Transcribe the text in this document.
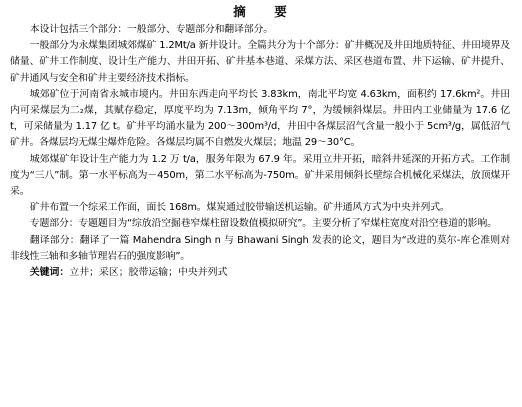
摘　要

本设计包括三个部分：一般部分、专题部分和翻译部分。

一般部分为永煤集团城郊煤矿 1.2Mt/a 新井设计。全篇共分为十个部分：矿井概况及井田地质特征、井田境界及储量、矿井工作制度、设计生产能力、井田开拓、矿井基本巷道、采煤方法、采区巷道布置、井下运输、矿井提升、矿井通风与安全和矿井主要经济技术指标。

城郊矿位于河南省永城市境内。井田东西走向平均长 3.83km，南北平均宽 4.63km，面积约 17.6km²。井田内可采煤层为二₂煤，其赋存稳定，厚度平均为 7.13m，倾角平均 7°，为缓倾斜煤层。井田内工业储量为 17.6 亿 t，可采储量为 1.17 亿 t。矿井平均涌水量为 200～300m³/d，井田中各煤层沼气含量一般小于 5cm³/g，属低沼气矿井。各煤层均无煤尘爆炸危险。各煤层均属不自燃发火煤层；地温 29～30°C。

城郊煤矿年设计生产能力为 1.2 万 t/a，服务年限为 67.9 年。采用立井开拓，暗斜井延深的开拓方式。工作制度为“三八”制。第一水平标高为－450m，第二水平标高为-750m。矿井采用倾斜长壁综合机械化采煤法，放顶煤开采。

矿井布置一个综采工作面，面长 168m。煤炭通过胶带输送机运输。矿井通风方式为中央并列式。

专题部分：专题题目为“综放沿空掘巷窄煤柱留设数值模拟研究”。主要分析了窄煤柱宽度对沿空巷道的影响。

翻译部分：翻译了一篇 Mahendra Singh n 与 Bhawani Singh 发表的论文，题目为“改进的莫尔-库仑准则对非线性三轴和多轴节理岩石的强度影响”。

关键词：立井；采区；胶带运输；中央并列式
